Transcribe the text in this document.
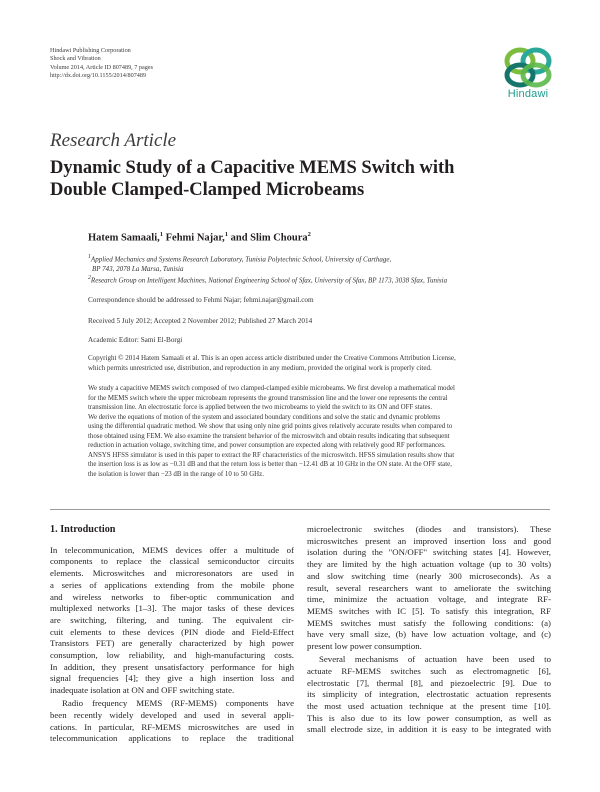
Hindawi Publishing Corporation
Shock and Vibration
Volume 2014, Article ID 807489, 7 pages
http://dx.doi.org/10.1155/2014/807489
Hindawi
Research Article
Dynamic Study of a Capacitive MEMS Switch with
Double Clamped-Clamped Microbeams
Hatem Samaali,$^1$ Fehmi Najar,$^1$ and Slim Choura$^2$
$^1$Applied Mechanics and Systems Research Laboratory, Tunisia Polytechnic School, University of Carthage,
BP 743, 2078 La Marsa, Tunisia
$^2$Research Group on Intelligent Machines, National Engineering School of Sfax, University of Sfax, BP 1173, 3038 Sfax, Tunisia
Correspondence should be addressed to Fehmi Najar; fehmi.najar@gmail.com
Received 5 July 2012; Accepted 2 November 2012; Published 27 March 2014
Academic Editor: Sami El-Borgi
Copyright © 2014 Hatem Samaali et al. This is an open access article distributed under the Creative Commons Attribution License,
which permits unrestricted use, distribution, and reproduction in any medium, provided the original work is properly cited.
We study a capacitive MEMS switch composed of two clamped-clamped exible microbeams. We first develop a mathematical model
for the MEMS switch where the upper microbeam represents the ground transmission line and the lower one represents the central
transmission line. An electrostatic force is applied between the two microbeams to yield the switch to its ON and OFF states.
We derive the equations of motion of the system and associated boundary conditions and solve the static and dynamic problems
using the differential quadratic method. We show that using only nine grid points gives relatively accurate results when compared to
those obtained using FEM. We also examine the transient behavior of the microswitch and obtain results indicating that subsequent
reduction in actuation voltage, switching time, and power consumption are expected along with relatively good RF performances.
ANSYS HFSS simulator is used in this paper to extract the RF characteristics of the microswitch. HFSS simulation results show that
the insertion loss is as low as −0.31 dB and that the return loss is better than −12.41 dB at 10 GHz in the ON state. At the OFF state,
the isolation is lower than −23 dB in the range of 10 to 50 GHz.
1. Introduction
In telecommunication, MEMS devices offer a multitude of
components to replace the classical semiconductor circuits
elements. Microswitches and microresonators are used in
a series of applications extending from the mobile phone
and wireless networks to fiber-optic communication and
multiplexed networks [1–3]. The major tasks of these devices
are switching, filtering, and tuning. The equivalent cir-
cuit elements to these devices (PIN diode and Field-Effect
Transistors FET) are generally characterized by high power
consumption, low reliability, and high-manufacturing costs.
In addition, they present unsatisfactory performance for high
signal frequencies [4]; they give a high insertion loss and
inadequate isolation at ON and OFF switching state.
Radio frequency MEMS (RF-MEMS) components have
been recently widely developed and used in several appli-
cations. In particular, RF-MEMS microswitches are used in
telecommunication applications to replace the traditional
microelectronic switches (diodes and transistors). These
microswitches present an improved insertion loss and good
isolation during the "ON/OFF" switching states [4]. However,
they are limited by the high actuation voltage (up to 30 volts)
and slow switching time (nearly 300 microseconds). As a
result, several researchers want to ameliorate the switching
time, minimize the actuation voltage, and integrate RF-
MEMS switches with IC [5]. To satisfy this integration, RF
MEMS switches must satisfy the following conditions: (a)
have very small size, (b) have low actuation voltage, and (c)
present low power consumption.
Several mechanisms of actuation have been used to
actuate RF-MEMS switches such as electromagnetic [6],
electrostatic [7], thermal [8], and piezoelectric [9]. Due to
its simplicity of integration, electrostatic actuation represents
the most used actuation technique at the present time [10].
This is also due to its low power consumption, as well as
small electrode size, in addition it is easy to be integrated with
